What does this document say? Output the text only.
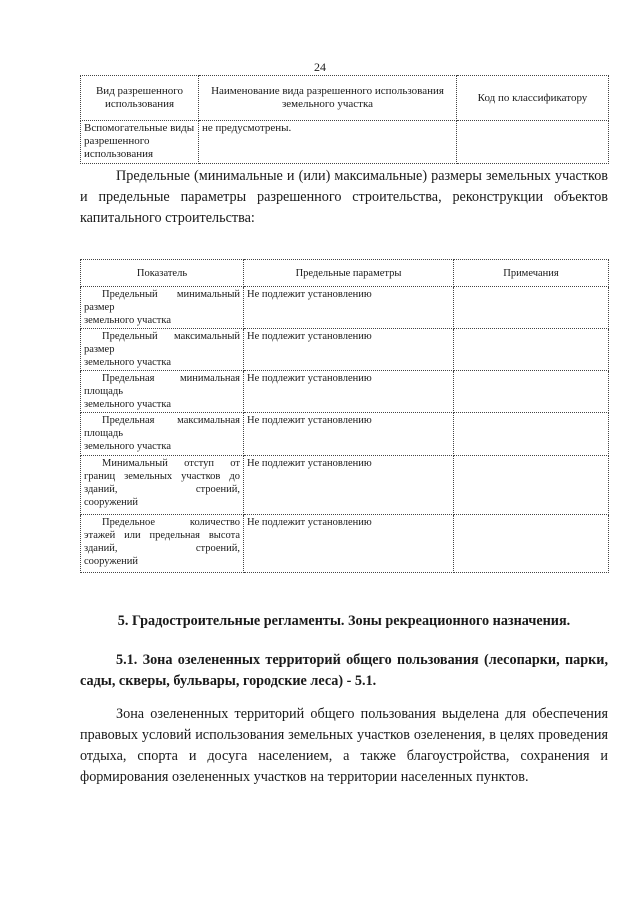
24
Вид разрешенного использования	Наименование вида разрешенного использования земельного участка	Код по классификатору
Вспомогательные виды разрешенного использования	не предусмотрены.	

Предельные (минимальные и (или) максимальные) размеры земельных участков и предельные параметры разрешенного строительства, реконструкции объектов капитального строительства:

Показатель	Предельные параметры	Примечания
Предельный минимальный размер
земельного участка	Не подлежит установлению	
Предельный максимальный размер
земельного участка	Не подлежит установлению	
Предельная минимальная площадь
земельного участка	Не подлежит установлению	
Предельная максимальная площадь
земельного участка	Не подлежит установлению	
Минимальный отступ от границ земельных участков до зданий, строений,
сооружений	Не подлежит установлению	
Предельное количество этажей или предельная высота зданий, строений,
сооружений	Не подлежит установлению	
5. Градостроительные регламенты. Зоны рекреационного назначения.
5.1. Зона озелененных территорий общего пользования (лесопарки, парки, сады, скверы, бульвары, городские леса) - 5.1.

Зона озелененных территорий общего пользования выделена для обеспечения правовых условий использования земельных участков озеленения, в целях проведения отдыха, спорта и досуга населением, а также благоустройства, сохранения и формирования озелененных участков на территории населенных пунктов.
